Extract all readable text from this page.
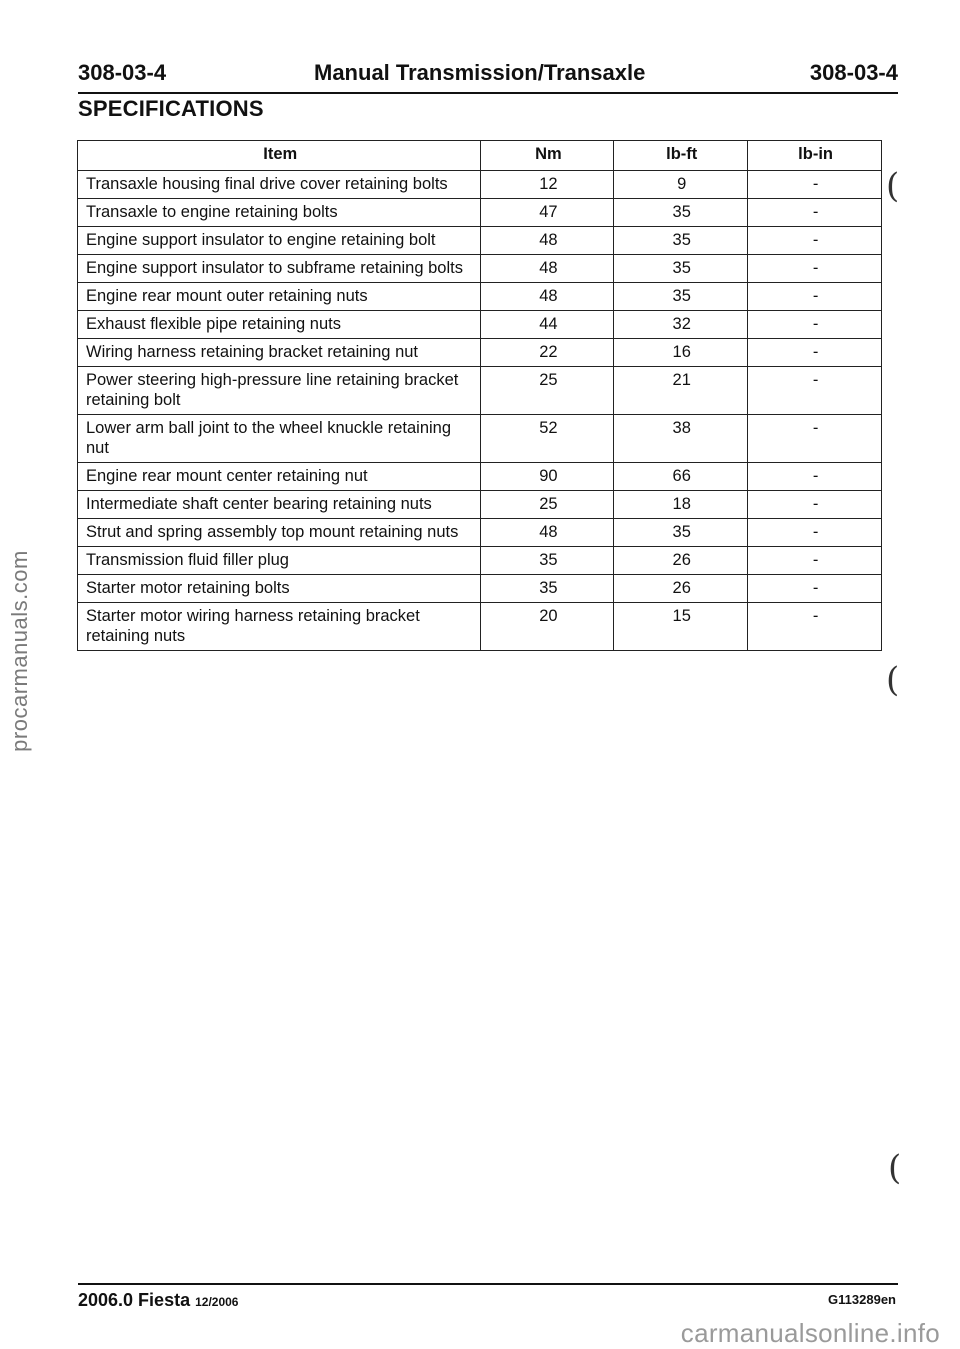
308-03-4	Manual Transmission/Transaxle	308-03-4
SPECIFICATIONS
Item	Nm	lb-ft	lb-in
Transaxle housing final drive cover retaining bolts	12	9	-
Transaxle to engine retaining bolts	47	35	-
Engine support insulator to engine retaining bolt	48	35	-
Engine support insulator to subframe retaining bolts	48	35	-
Engine rear mount outer retaining nuts	48	35	-
Exhaust flexible pipe retaining nuts	44	32	-
Wiring harness retaining bracket retaining nut	22	16	-
Power steering high-pressure line retaining bracket retaining bolt	25	21	-
Lower arm ball joint to the wheel knuckle retaining nut	52	38	-
Engine rear mount center retaining nut	90	66	-
Intermediate shaft center bearing retaining nuts	25	18	-
Strut and spring assembly top mount retaining nuts	48	35	-
Transmission fluid filler plug	35	26	-
Starter motor retaining bolts	35	26	-
Starter motor wiring harness retaining bracket retaining nuts	20	15	-
(
(
(
procarmanuals.com
2006.0 Fiesta 12/2006	G113289en
carmanualsonline.info
